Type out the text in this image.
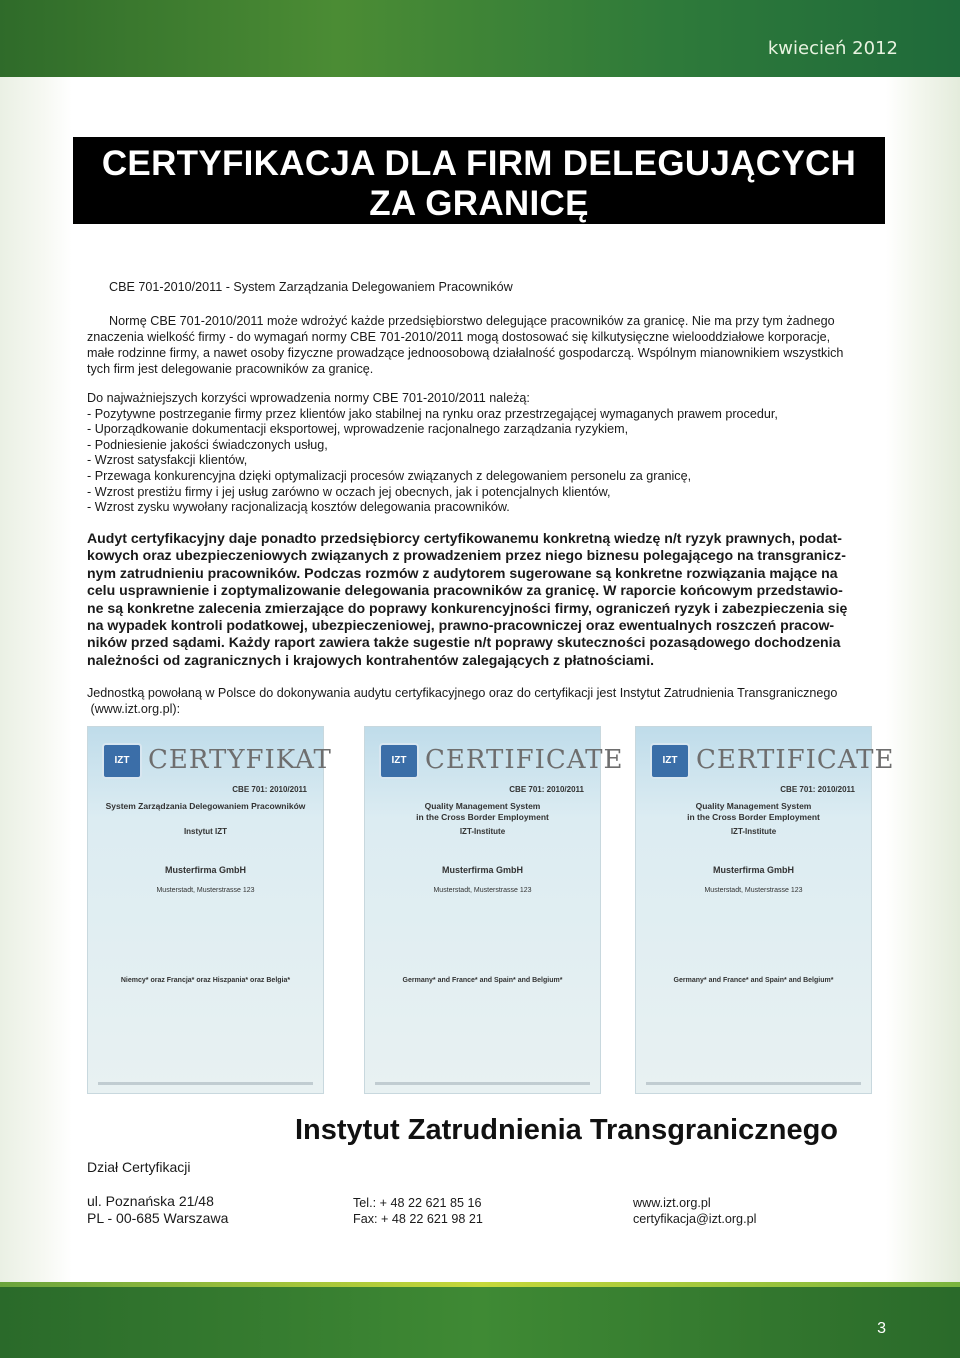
kwiecień 2012
3
CERTYFIKACJA DLA FIRM DELEGUJĄCYCH
ZA GRANICĘ
CBE 701-2010/2011 - System Zarządzania Delegowaniem Pracowników
Normę CBE 701-2010/2011 może wdrożyć każde przedsiębiorstwo delegujące pracowników za granicę. Nie ma przy tym żadnego
znaczenia wielkość firmy - do wymagań normy CBE 701-2010/2011 mogą dostosować się kilkutysięczne wielooddziałowe korporacje,
małe rodzinne firmy, a nawet osoby fizyczne prowadzące jednoosobową działalność gospodarczą. Wspólnym mianownikiem wszystkich
tych firm jest delegowanie pracowników za granicę.
Do najważniejszych korzyści wprowadzenia normy CBE 701-2010/2011 należą:
- Pozytywne postrzeganie firmy przez klientów jako stabilnej na rynku oraz przestrzegającej wymaganych prawem procedur,
- Uporządkowanie dokumentacji eksportowej, wprowadzenie racjonalnego zarządzania ryzykiem,
- Podniesienie jakości świadczonych usług,
- Wzrost satysfakcji klientów,
- Przewaga konkurencyjna dzięki optymalizacji procesów związanych z delegowaniem personelu za granicę,
- Wzrost prestiżu firmy i jej usług zarówno w oczach jej obecnych, jak i potencjalnych klientów,
- Wzrost zysku wywołany racjonalizacją kosztów delegowania pracowników.
Audyt certyfikacyjny daje ponadto przedsiębiorcy certyfikowanemu konkretną wiedzę n/t ryzyk prawnych, podat-
kowych oraz ubezpieczeniowych związanych z prowadzeniem przez niego biznesu polegającego na transgranicz-
nym zatrudnieniu pracowników. Podczas rozmów z audytorem sugerowane są konkretne rozwiązania mające na
celu usprawnienie i zoptymalizowanie delegowania pracowników za granicę. W raporcie końcowym przedstawio-
ne są konkretne zalecenia zmierzające do poprawy konkurencyjności firmy, ograniczeń ryzyk i zabezpieczenia się
na wypadek kontroli podatkowej, ubezpieczeniowej, prawno-pracowniczej oraz ewentualnych roszczeń pracow-
ników przed sądami. Każdy raport zawiera także sugestie n/t poprawy skuteczności pozasądowego dochodzenia
należności od zagranicznych i krajowych kontrahentów zalegających z płatnościami.
Jednostką powołaną w Polsce do dokonywania audytu certyfikacyjnego oraz do certyfikacji jest Instytut Zatrudnienia Transgranicznego
(www.izt.org.pl):
IZT CERTYFIKAT
CBE 701: 2010/2011
System Zarządzania Delegowaniem Pracowników
Instytut IZT
Musterfirma GmbH
Musterstadt, Musterstrasse 123
Niemcy* oraz Francja* oraz Hiszpania* oraz Belgia*
IZT CERTIFICATE
CBE 701: 2010/2011
Quality Management System
in the Cross Border Employment
IZT-Institute
Musterfirma GmbH
Musterstadt, Musterstrasse 123
Germany* and France* and Spain* and Belgium*
IZT CERTIFICATE
CBE 701: 2010/2011
Quality Management System
in the Cross Border Employment
IZT-Institute
Musterfirma GmbH
Musterstadt, Musterstrasse 123
Germany* and France* and Spain* and Belgium*
Instytut Zatrudnienia Transgranicznego
Dział Certyfikacji
ul. Poznańska 21/48
PL - 00-685 Warszawa
Tel.: + 48 22 621 85 16
Fax: + 48 22 621 98 21
www.izt.org.pl
certyfikacja@izt.org.pl
